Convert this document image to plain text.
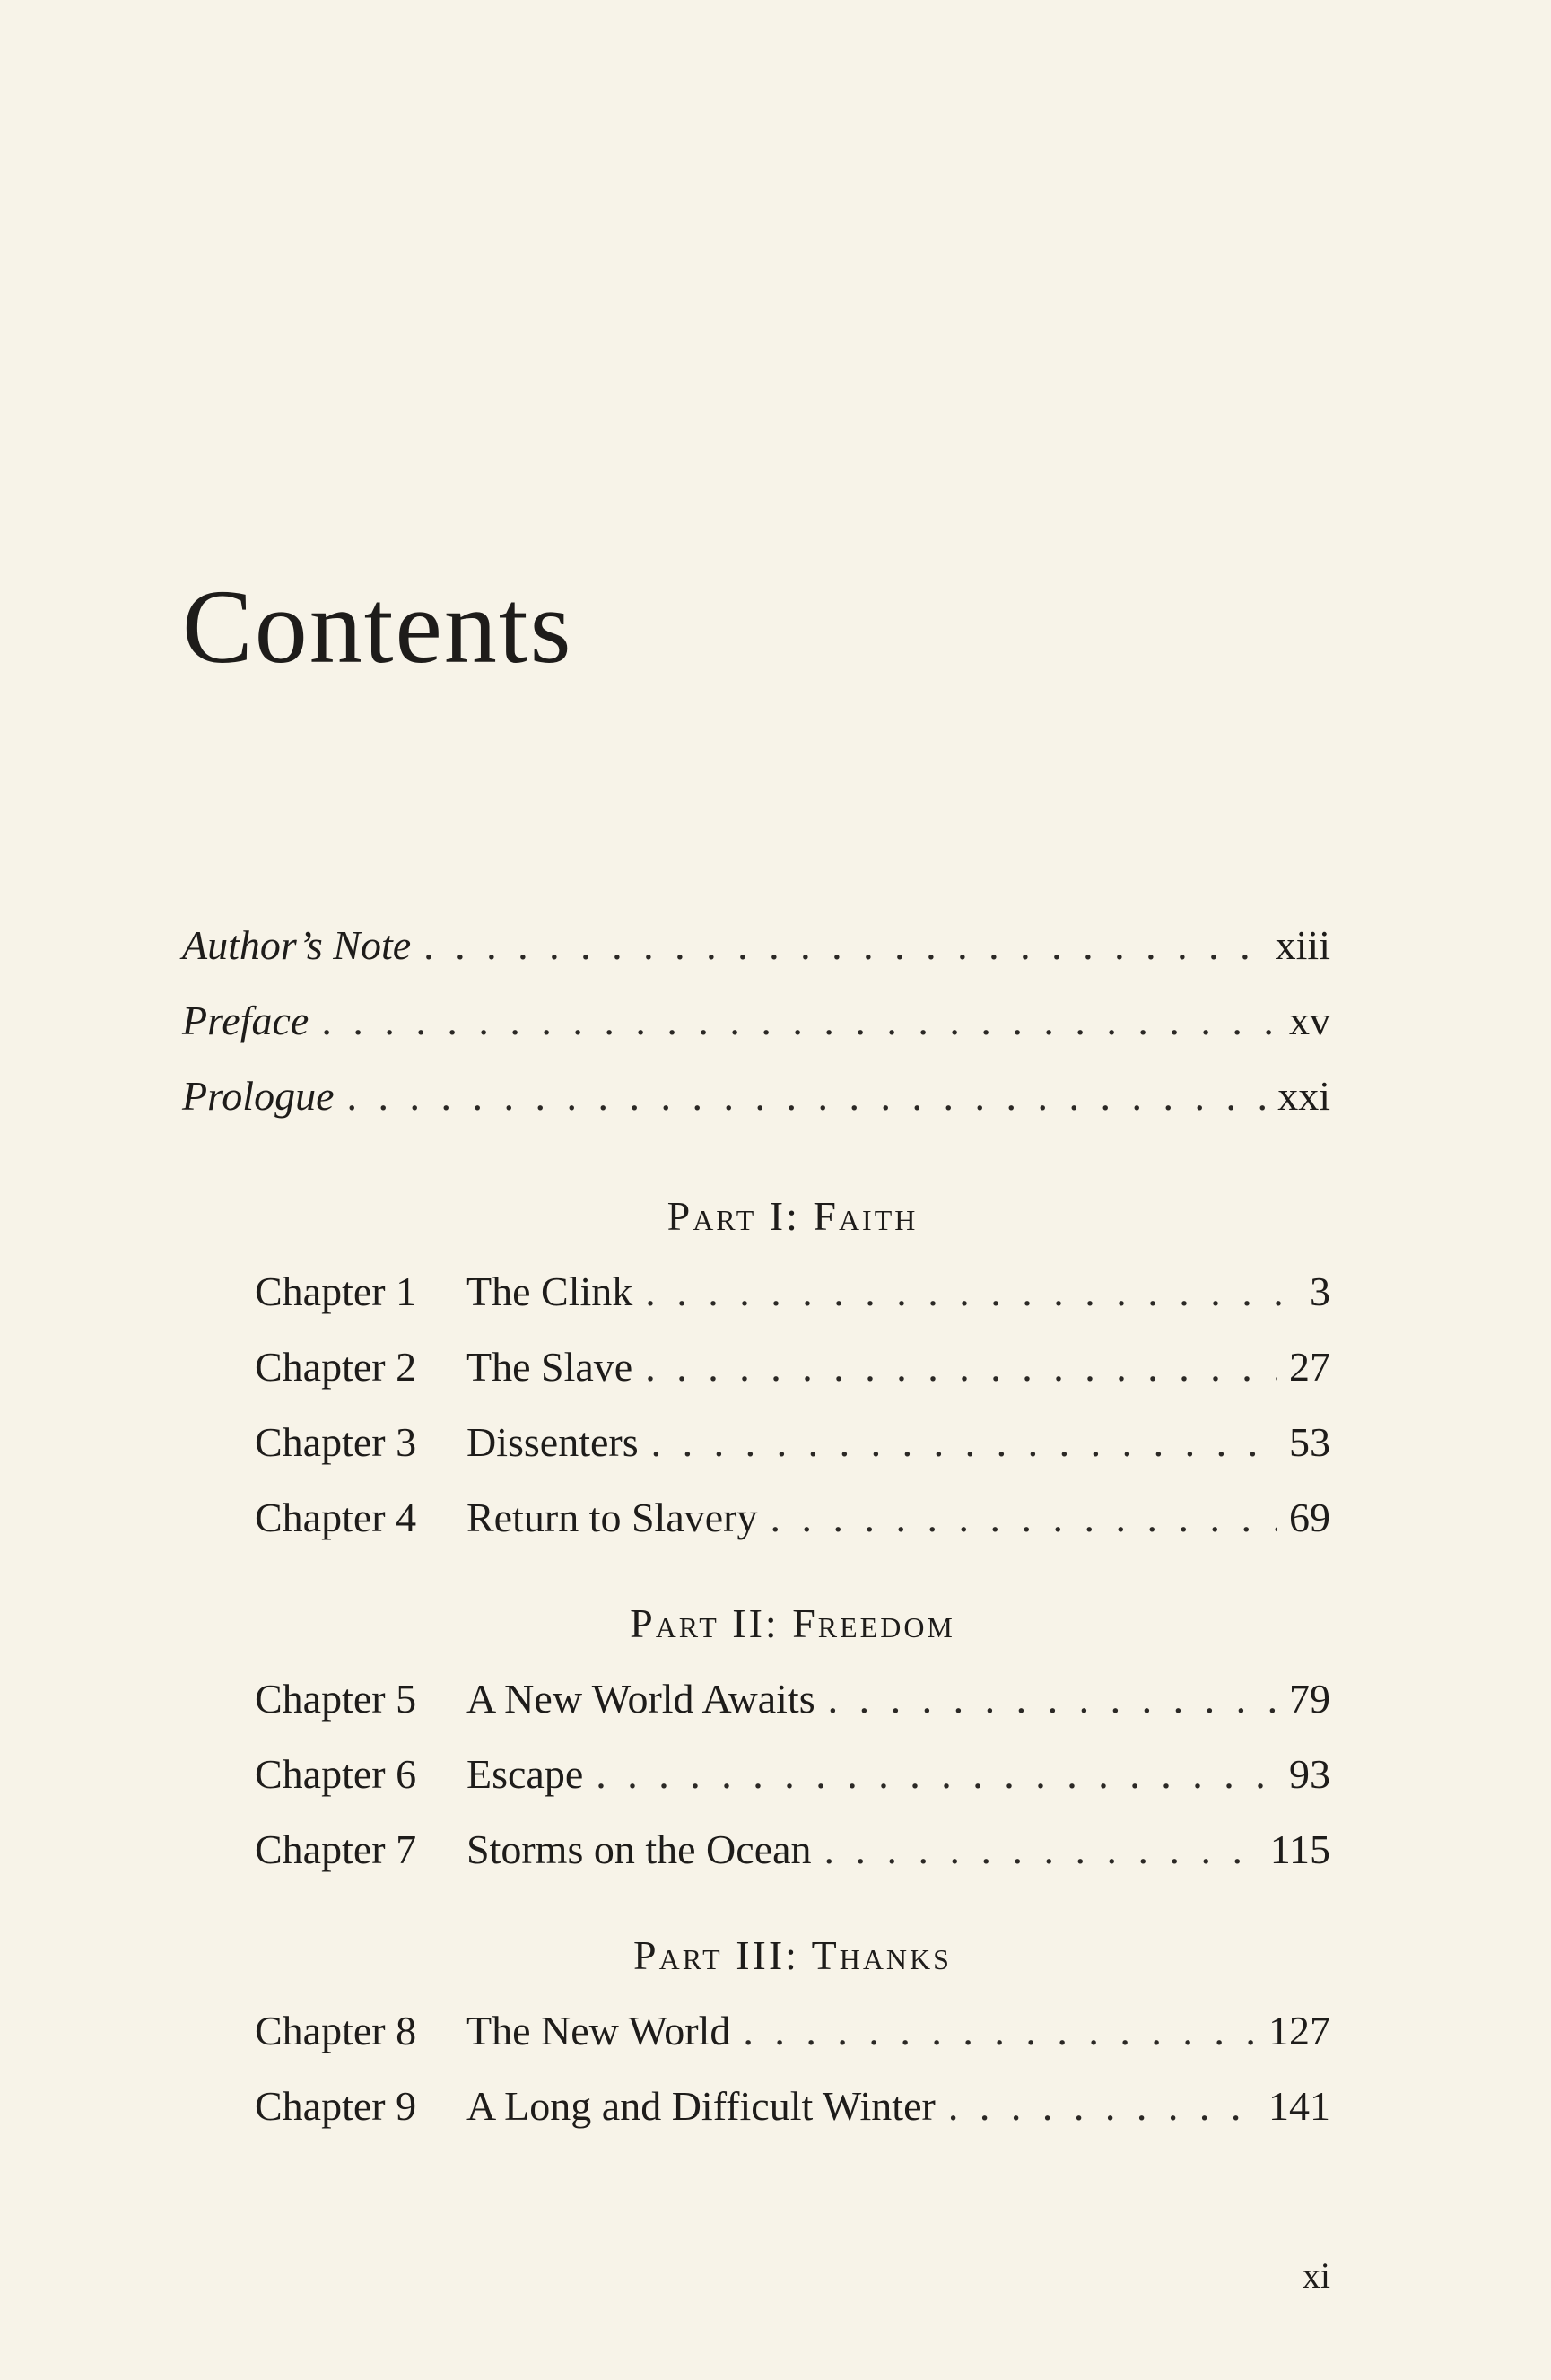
Contents
Author’s Note . . .	xiii
Preface . . .	xv
Prologue . . .	xxi
Part I: Faith
Chapter 1	The Clink . . .	3
Chapter 2	The Slave . . .	27
Chapter 3	Dissenters . . .	53
Chapter 4	Return to Slavery . . .	69
Part II: Freedom
Chapter 5	A New World Awaits . . .	79
Chapter 6	Escape . . .	93
Chapter 7	Storms on the Ocean . . .	115
Part III: Thanks
Chapter 8	The New World . . .	127
Chapter 9	A Long and Difficult Winter . . .	141
xi
